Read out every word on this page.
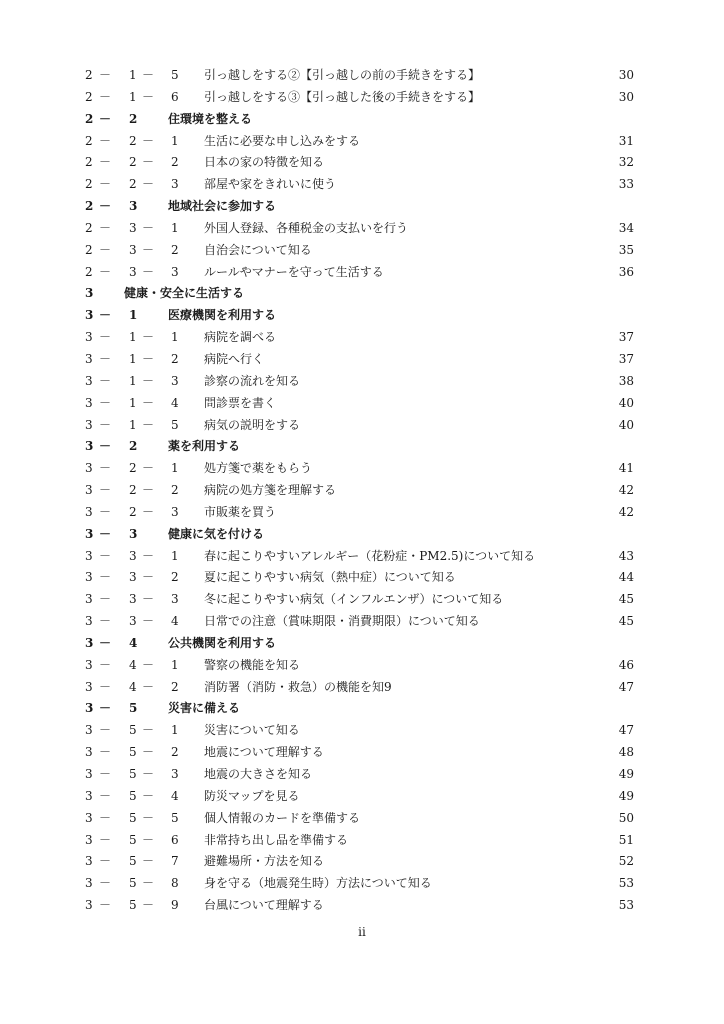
2 － 1 － 5 引っ越しをする②【引っ越しの前の手続きをする】	30
2 － 1 － 6 引っ越しをする③【引っ越した後の手続きをする】	30
2 － 2	住環境を整える
2 － 2 － 1 生活に必要な申し込みをする	31
2 － 2 － 2 日本の家の特徴を知る	32
2 － 2 － 3 部屋や家をきれいに使う	33
2 － 3	地域社会に参加する
2 － 3 － 1 外国人登録、各種税金の支払いを行う	34
2 － 3 － 2 自治会について知る	35
2 － 3 － 3 ルールやマナーを守って生活する	36
3	健康・安全に生活する
3 － 1	医療機関を利用する
3 － 1 － 1 病院を調べる	37
3 － 1 － 2 病院へ行く	37
3 － 1 － 3 診察の流れを知る	38
3 － 1 － 4 問診票を書く	40
3 － 1 － 5 病気の説明をする	40
3 － 2	薬を利用する
3 － 2 － 1 処方箋で薬をもらう	41
3 － 2 － 2 病院の処方箋を理解する	42
3 － 2 － 3 市販薬を買う	42
3 － 3	健康に気を付ける
3 － 3 － 1 春に起こりやすいアレルギー（花粉症・PM2.5)について知る	43
3 － 3 － 2 夏に起こりやすい病気（熱中症）について知る	44
3 － 3 － 3 冬に起こりやすい病気（インフルエンザ）について知る	45
3 － 3 － 4 日常での注意（賞味期限・消費期限）について知る	45
3 － 4	公共機関を利用する
3 － 4 － 1 警察の機能を知る	46
3 － 4 － 2 消防署（消防・救急）の機能を知9	47
3 － 5	災害に備える
3 － 5 － 1 災害について知る	47
3 － 5 － 2 地震について理解する	48
3 － 5 － 3 地震の大きさを知る	49
3 － 5 － 4 防災マップを見る	49
3 － 5 － 5 個人情報のカードを準備する	50
3 － 5 － 6 非常持ち出し品を準備する	51
3 － 5 － 7 避難場所・方法を知る	52
3 － 5 － 8 身を守る（地震発生時）方法について知る	53
3 － 5 － 9 台風について理解する	53
ii
